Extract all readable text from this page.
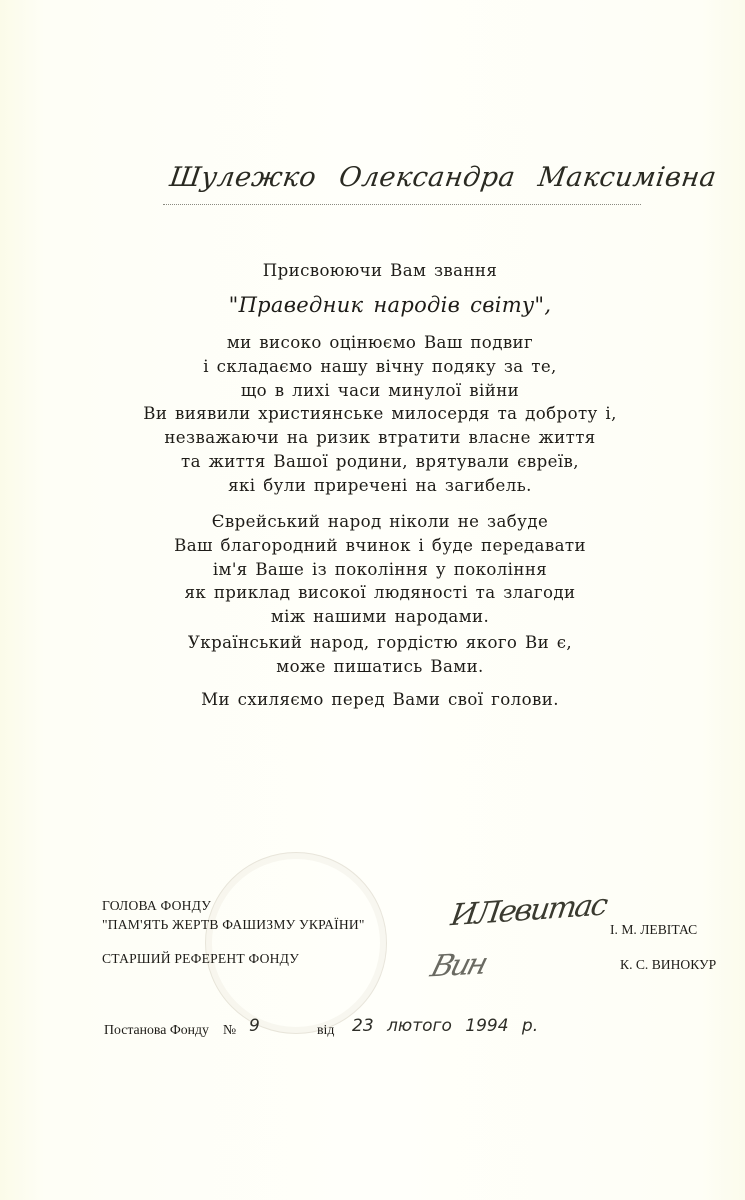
Шулежко Олександра Максимівна
Присвоюючи Вам звання
"Праведник народів світу",
ми високо оцінюємо Ваш подвиг
і складаємо нашу вічну подяку за те,
що в лихі часи минулої війни
Ви виявили християнське милосердя та доброту і,
незважаючи на ризик втратити власне життя
та життя Вашої родини, врятували євреїв,
які були приречені на загибель.
Єврейський народ ніколи не забуде
Ваш благородний вчинок і буде передавати
ім'я Ваше із покоління у покоління
як приклад високої людяності та злагоди
між нашими народами.
Український народ, гордістю якого Ви є,
може пишатись Вами.
Ми схиляємо перед Вами свої голови.
ГОЛОВА ФОНДУ
"ПАМ'ЯТЬ ЖЕРТВ ФАШИЗМУ УКРАЇНИ"
СТАРШИЙ РЕФЕРЕНТ ФОНДУ
ИЛевитас
Вин
І. М. ЛЕВІТАС
К. С. ВИНОКУР
Постанова Фонду № 9	від 23 лютого 1994 р.
